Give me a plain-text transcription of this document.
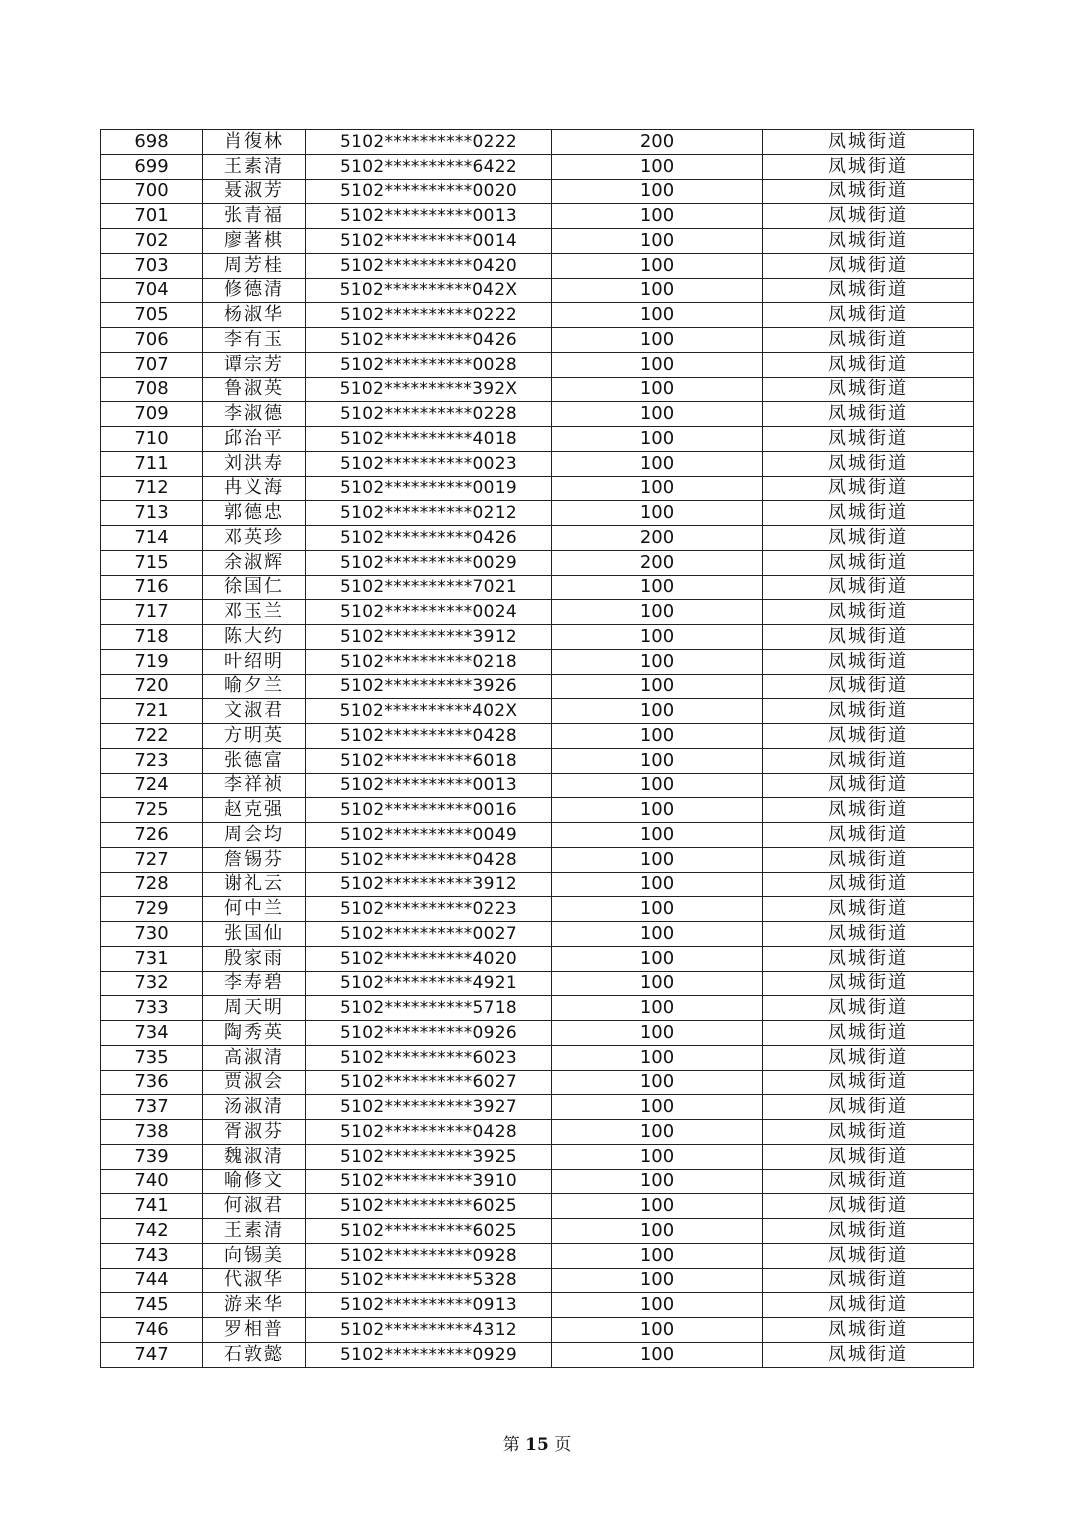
698	肖復林	5102**********0222	200	凤城街道
699	王素清	5102**********6422	100	凤城街道
700	聂淑芳	5102**********0020	100	凤城街道
701	张青福	5102**********0013	100	凤城街道
702	廖著棋	5102**********0014	100	凤城街道
703	周芳桂	5102**********0420	100	凤城街道
704	修德清	5102**********042X	100	凤城街道
705	杨淑华	5102**********0222	100	凤城街道
706	李有玉	5102**********0426	100	凤城街道
707	谭宗芳	5102**********0028	100	凤城街道
708	鲁淑英	5102**********392X	100	凤城街道
709	李淑德	5102**********0228	100	凤城街道
710	邱治平	5102**********4018	100	凤城街道
711	刘洪寿	5102**********0023	100	凤城街道
712	冉义海	5102**********0019	100	凤城街道
713	郭德忠	5102**********0212	100	凤城街道
714	邓英珍	5102**********0426	200	凤城街道
715	余淑辉	5102**********0029	200	凤城街道
716	徐国仁	5102**********7021	100	凤城街道
717	邓玉兰	5102**********0024	100	凤城街道
718	陈大约	5102**********3912	100	凤城街道
719	叶绍明	5102**********0218	100	凤城街道
720	喻夕兰	5102**********3926	100	凤城街道
721	文淑君	5102**********402X	100	凤城街道
722	方明英	5102**********0428	100	凤城街道
723	张德富	5102**********6018	100	凤城街道
724	李祥祯	5102**********0013	100	凤城街道
725	赵克强	5102**********0016	100	凤城街道
726	周会均	5102**********0049	100	凤城街道
727	詹锡芬	5102**********0428	100	凤城街道
728	谢礼云	5102**********3912	100	凤城街道
729	何中兰	5102**********0223	100	凤城街道
730	张国仙	5102**********0027	100	凤城街道
731	殷家雨	5102**********4020	100	凤城街道
732	李寿碧	5102**********4921	100	凤城街道
733	周天明	5102**********5718	100	凤城街道
734	陶秀英	5102**********0926	100	凤城街道
735	高淑清	5102**********6023	100	凤城街道
736	贾淑会	5102**********6027	100	凤城街道
737	汤淑清	5102**********3927	100	凤城街道
738	胥淑芬	5102**********0428	100	凤城街道
739	魏淑清	5102**********3925	100	凤城街道
740	喻修文	5102**********3910	100	凤城街道
741	何淑君	5102**********6025	100	凤城街道
742	王素清	5102**********6025	100	凤城街道
743	向锡美	5102**********0928	100	凤城街道
744	代淑华	5102**********5328	100	凤城街道
745	游来华	5102**********0913	100	凤城街道
746	罗相普	5102**********4312	100	凤城街道
747	石敦懿	5102**********0929	100	凤城街道
第 15 页
